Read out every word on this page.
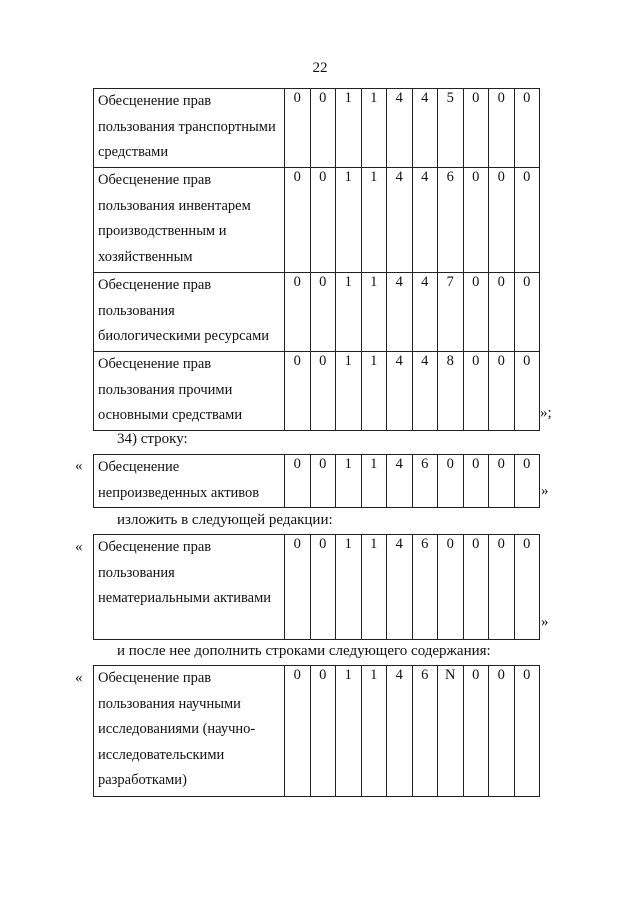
22
Обесценение прав пользования транспортными средствами	0	0	1	1	4	4	5	0	0	0
Обесценение прав пользования инвентарем производственным и хозяйственным	0	0	1	1	4	4	6	0	0	0
Обесценение прав пользования биологическими ресурсами	0	0	1	1	4	4	7	0	0	0
Обесценение прав пользования прочими основными средствами	0	0	1	1	4	4	8	0	0	0
»;
34) строку:
« Обесценение непроизведенных активов	0	0	1	1	4	6	0	0	0	0
»
изложить в следующей редакции:
« Обесценение прав пользования нематериальными активами	0	0	1	1	4	6	0	0	0	0
»
и после нее дополнить строками следующего содержания:
« Обесценение прав пользования научными исследованиями (научно-исследовательскими разработками)	0	0	1	1	4	6	N	0	0	0
